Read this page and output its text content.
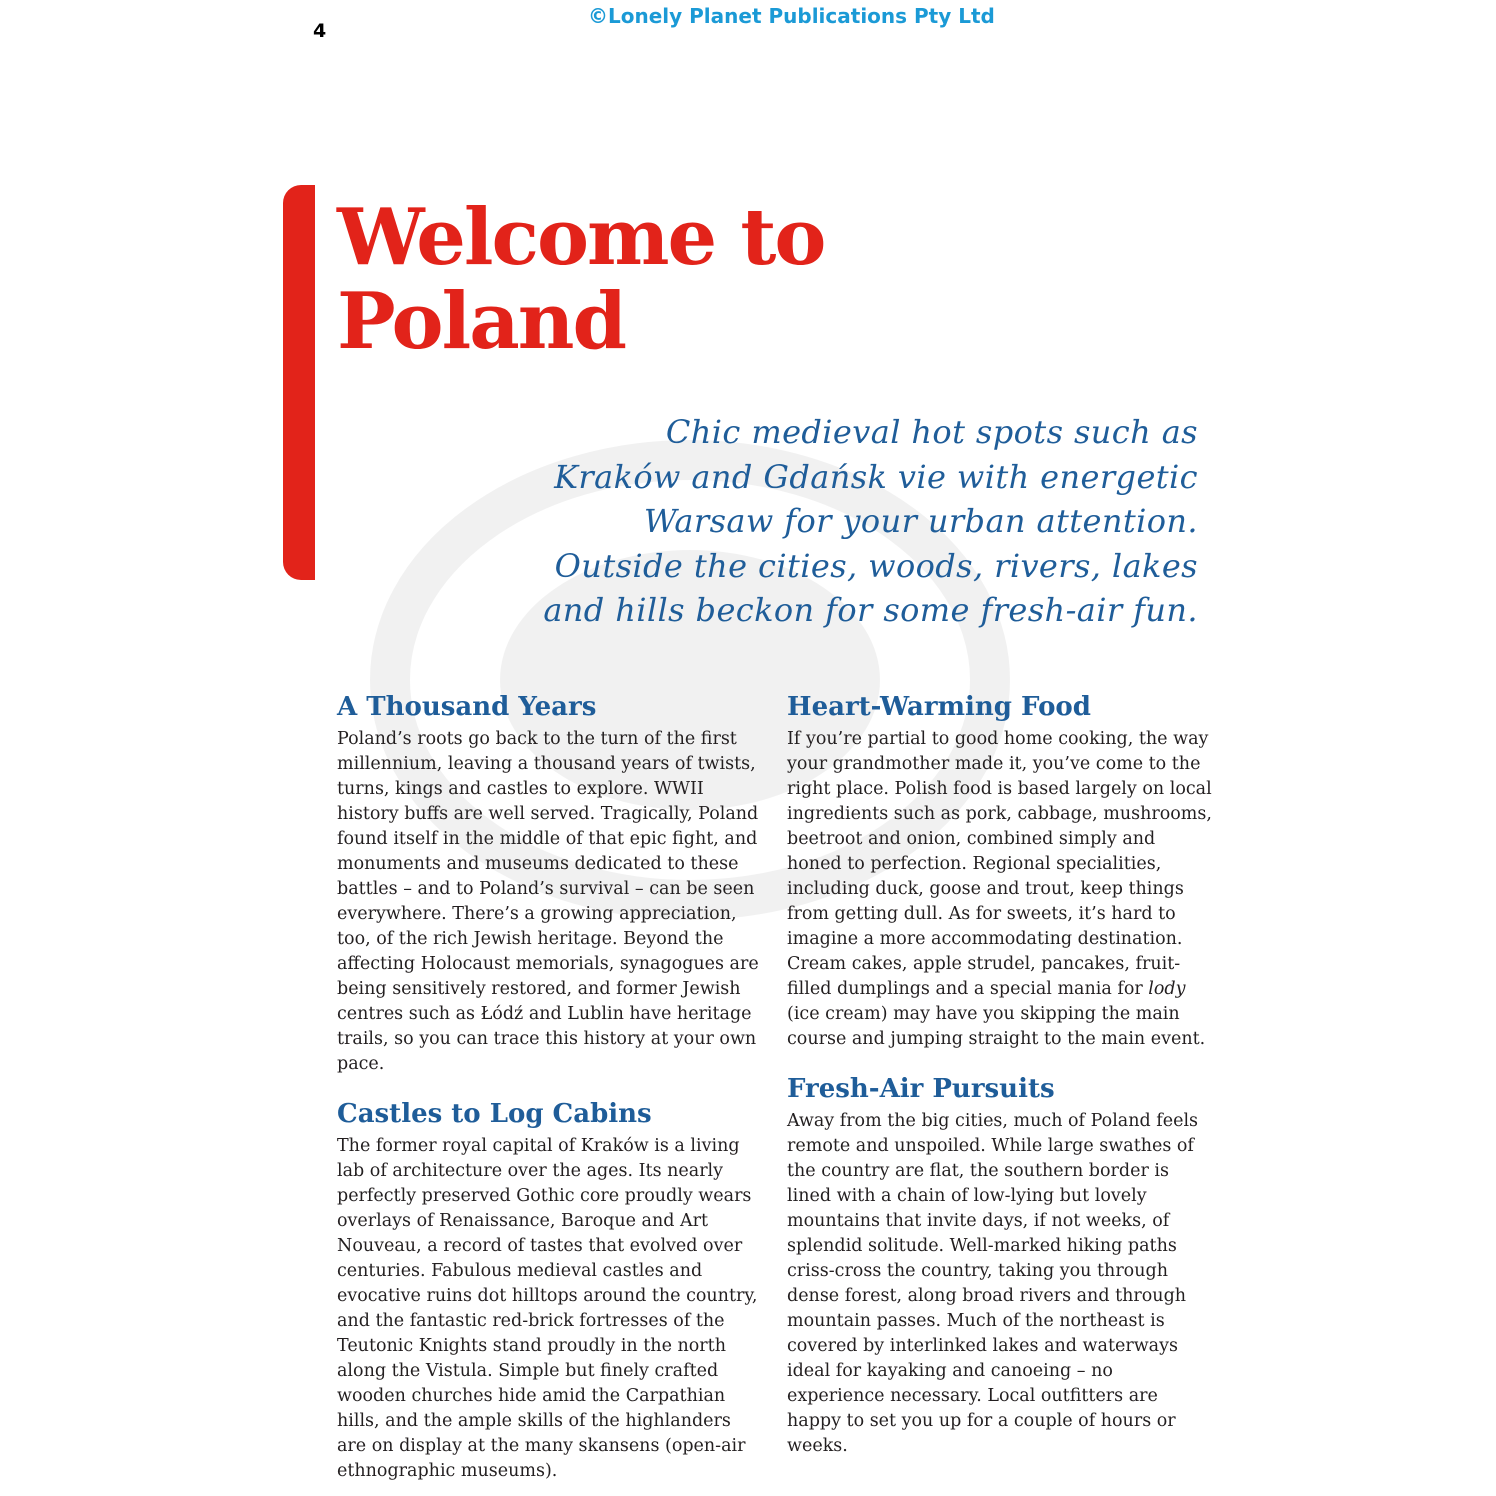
4
©Lonely Planet Publications Pty Ltd
Welcome to
Poland

Chic medieval hot spots such as Kraków and Gdańsk vie with energetic Warsaw for your urban attention. Outside the cities, woods, rivers, lakes and hills beckon for some fresh-air fun.

A Thousand Years

Poland’s roots go back to the turn of the first millennium, leaving a thousand years of twists, turns, kings and castles to explore. WWII history buffs are well served. Tragically, Poland found itself in the middle of that epic fight, and monuments and museums dedicated to these battles – and to Poland’s survival – can be seen everywhere. There’s a growing appreciation, too, of the rich Jewish heritage. Beyond the affecting Holocaust memorials, synagogues are being sensitively restored, and former Jewish centres such as Łódź and Lublin have heritage trails, so you can trace this history at your own pace.

Castles to Log Cabins

The former royal capital of Kraków is a living lab of architecture over the ages. Its nearly perfectly preserved Gothic core proudly wears overlays of Renaissance, Baroque and Art Nouveau, a record of tastes that evolved over centuries. Fabulous medieval castles and evocative ruins dot hilltops around the country, and the fantastic red-brick fortresses of the Teutonic Knights stand proudly in the north along the Vistula. Simple but finely crafted wooden churches hide amid the Carpathian hills, and the ample skills of the highlanders are on display at the many skansens (open-air ethnographic museums).

Heart-Warming Food

If you’re partial to good home cooking, the way your grandmother made it, you’ve come to the right place. Polish food is based largely on local ingredients such as pork, cabbage, mushrooms, beetroot and onion, combined simply and honed to perfection. Regional specialities, including duck, goose and trout, keep things from getting dull. As for sweets, it’s hard to imagine a more accommodating destination. Cream cakes, apple strudel, pancakes, fruit-filled dumplings and a special mania for lody (ice cream) may have you skipping the main course and jumping straight to the main event.

Fresh-Air Pursuits

Away from the big cities, much of Poland feels remote and unspoiled. While large swathes of the country are flat, the southern border is lined with a chain of low-lying but lovely mountains that invite days, if not weeks, of splendid solitude. Well-marked hiking paths criss-cross the country, taking you through dense forest, along broad rivers and through mountain passes. Much of the northeast is covered by interlinked lakes and waterways ideal for kayaking and canoeing – no experience necessary. Local outfitters are happy to set you up for a couple of hours or weeks.
